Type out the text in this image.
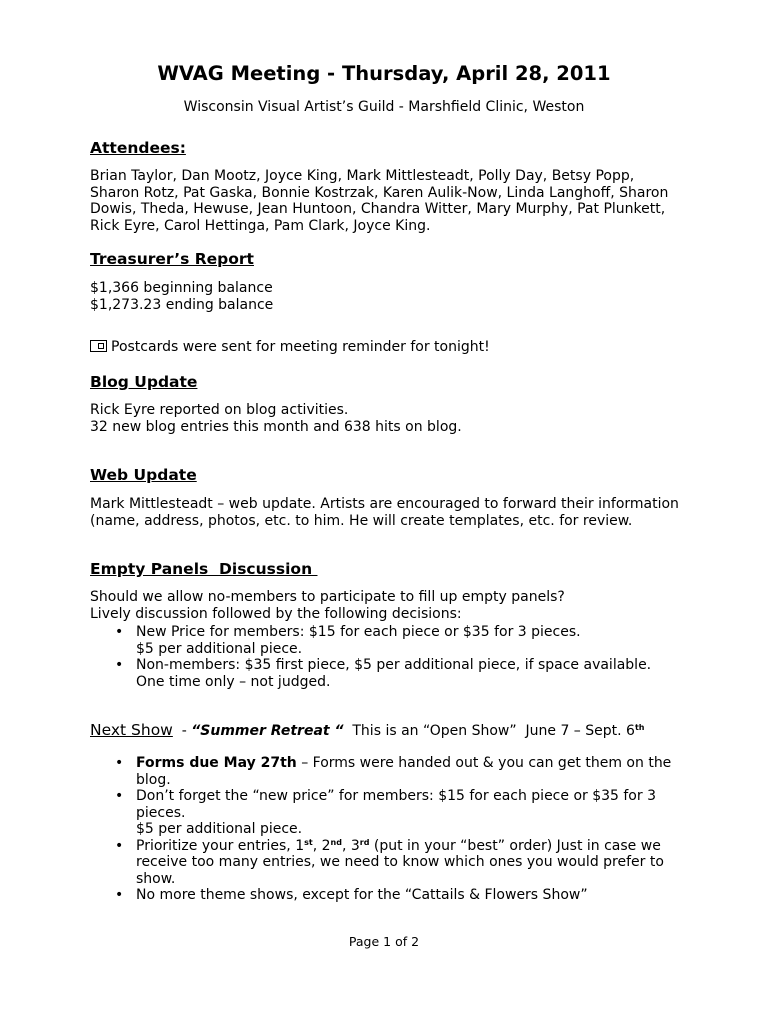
WVAG Meeting - Thursday, April 28, 2011

Wisconsin Visual Artist’s Guild - Marshfield Clinic, Weston

Attendees:
Brian Taylor, Dan Mootz, Joyce King, Mark Mittlesteadt, Polly Day, Betsy Popp,
Sharon Rotz, Pat Gaska, Bonnie Kostrzak, Karen Aulik-Now, Linda Langhoff, Sharon
Dowis, Theda, Hewuse, Jean Huntoon, Chandra Witter, Mary Murphy, Pat Plunkett,
Rick Eyre, Carol Hettinga, Pam Clark, Joyce King.
Treasurer’s Report
$1,366 beginning balance
$1,273.23 ending balance
Postcards were sent for meeting reminder for tonight!
Blog Update
Rick Eyre reported on blog activities.
32 new blog entries this month and 638 hits on blog.
Web Update
Mark Mittlesteadt – web update. Artists are encouraged to forward their information
(name, address, photos, etc. to him. He will create templates, etc. for review.
Empty Panels  Discussion
Should we allow no-members to participate to fill up empty panels?
Lively discussion followed by the following decisions:
• New Price for members: $15 for each piece or $35 for 3 pieces.
$5 per additional piece.
• Non-members: $35 first piece, $5 per additional piece, if space available.
One time only – not judged.
Next Show  - “Summer Retreat “  This is an “Open Show”  June 7 – Sept. 6th
• Forms due May 27th – Forms were handed out & you can get them on the
blog.
• Don’t forget the “new price” for members: $15 for each piece or $35 for 3
pieces.
$5 per additional piece.
• Prioritize your entries, 1st, 2nd, 3rd (put in your “best” order) Just in case we
receive too many entries, we need to know which ones you would prefer to
show.
• No more theme shows, except for the “Cattails & Flowers Show”

Page 1 of 2
